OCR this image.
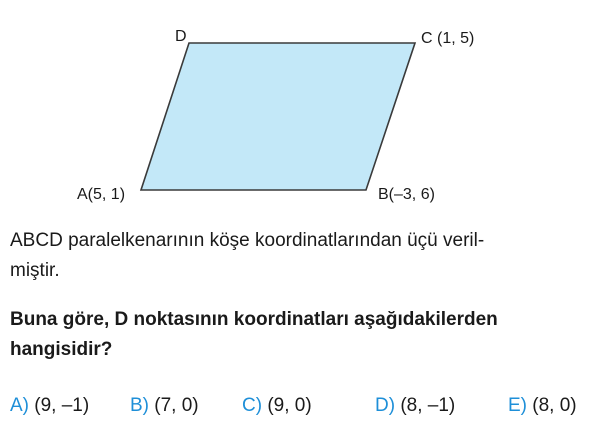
D	C (1, 5)
A(5, 1)	B(–3, 6)
ABCD paralelkenarının köşe koordinatlarından üçü veril-
miştir.
Buna göre, D noktasının koordinatları aşağıdakilerden
hangisidir?
A) (9, –1) B) (7, 0) C) (9, 0)	D) (8, –1)	E) (8, 0)
